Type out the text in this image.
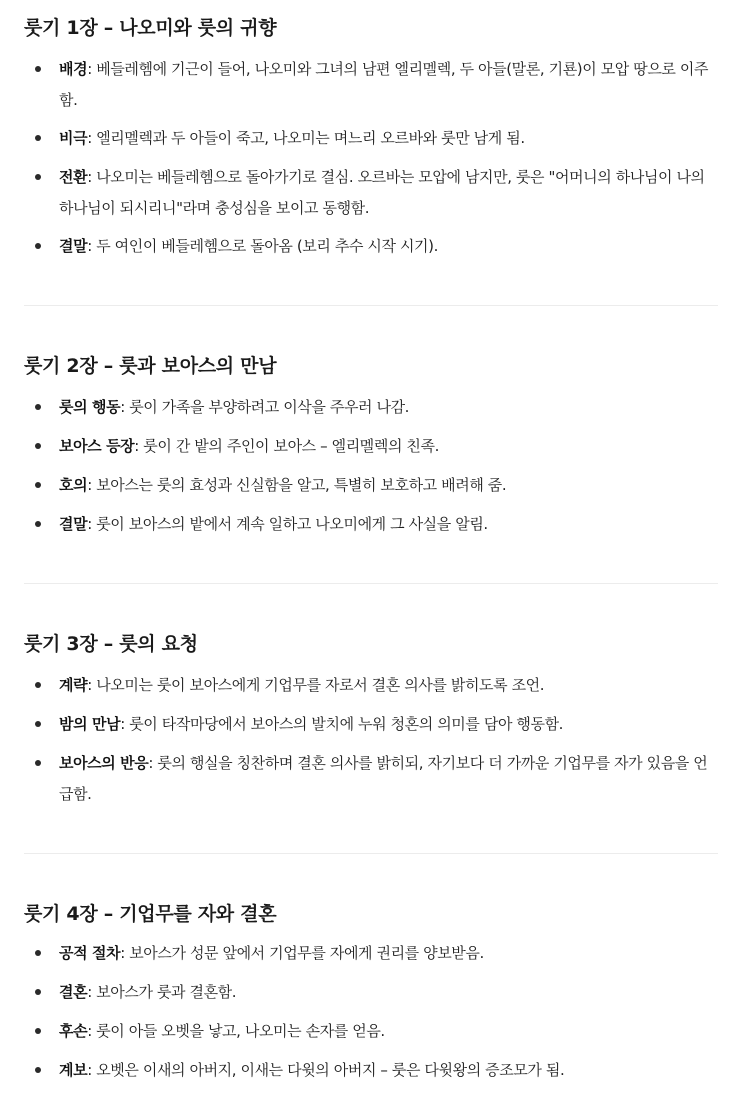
룻기 1장 – 나오미와 룻의 귀향
배경: 베들레헴에 기근이 들어, 나오미와 그녀의 남편 엘리멜렉, 두 아들(말론, 기룐)이 모압 땅으로 이주함.
비극: 엘리멜렉과 두 아들이 죽고, 나오미는 며느리 오르바와 룻만 남게 됨.
전환: 나오미는 베들레헴으로 돌아가기로 결심. 오르바는 모압에 남지만, 룻은 "어머니의 하나님이 나의 하나님이 되시리니"라며 충성심을 보이고 동행함.
결말: 두 여인이 베들레헴으로 돌아옴 (보리 추수 시작 시기).
룻기 2장 – 룻과 보아스의 만남
룻의 행동: 룻이 가족을 부양하려고 이삭을 주우러 나감.
보아스 등장: 룻이 간 밭의 주인이 보아스 – 엘리멜렉의 친족.
호의: 보아스는 룻의 효성과 신실함을 알고, 특별히 보호하고 배려해 줌.
결말: 룻이 보아스의 밭에서 계속 일하고 나오미에게 그 사실을 알림.
룻기 3장 – 룻의 요청
계략: 나오미는 룻이 보아스에게 기업무를 자로서 결혼 의사를 밝히도록 조언.
밤의 만남: 룻이 타작마당에서 보아스의 발치에 누워 청혼의 의미를 담아 행동함.
보아스의 반응: 룻의 행실을 칭찬하며 결혼 의사를 밝히되, 자기보다 더 가까운 기업무를 자가 있음을 언급함.
룻기 4장 – 기업무를 자와 결혼
공적 절차: 보아스가 성문 앞에서 기업무를 자에게 권리를 양보받음.
결혼: 보아스가 룻과 결혼함.
후손: 룻이 아들 오벳을 낳고, 나오미는 손자를 얻음.
계보: 오벳은 이새의 아버지, 이새는 다윗의 아버지 – 룻은 다윗왕의 증조모가 됨.
